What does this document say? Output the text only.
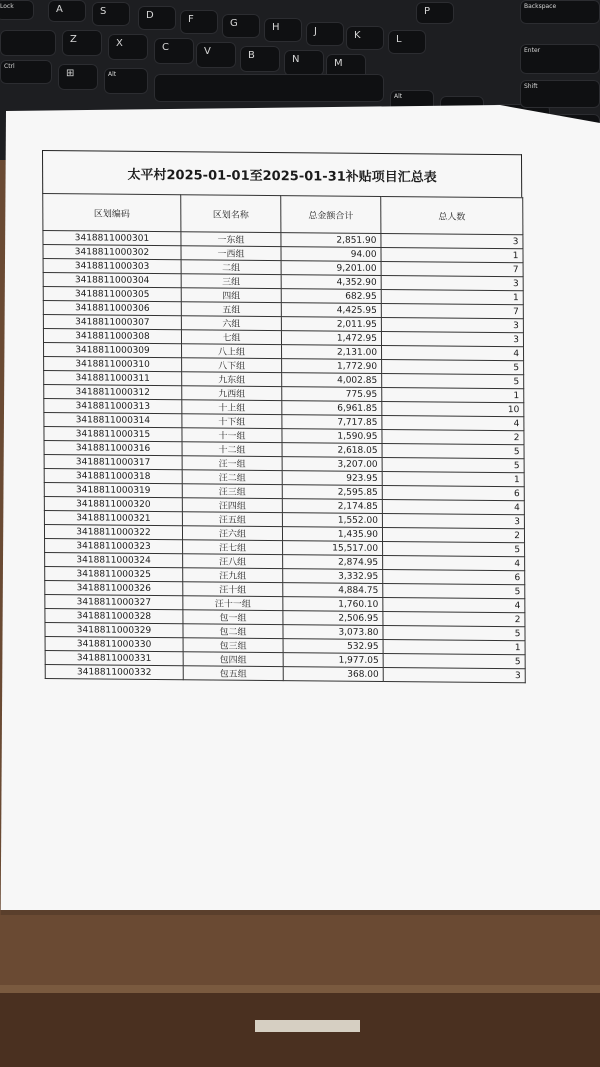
Lock	A	S	D	F	G	H	J	K	L
P
Z	X	C	V	B	N	M
Ctrl
⊞	Alt
Alt
Enter
Backspace
Shift
太平村2025-01-01至2025-01-31补贴项目汇总表
区划编码	区划名称	总金额合计	总人数
3418811000301	一东组	2,851.90	3
3418811000302	一西组	94.00	1
3418811000303	二组	9,201.00	7
3418811000304	三组	4,352.90	3
3418811000305	四组	682.95	1
3418811000306	五组	4,425.95	7
3418811000307	六组	2,011.95	3
3418811000308	七组	1,472.95	3
3418811000309	八上组	2,131.00	4
3418811000310	八下组	1,772.90	5
3418811000311	九东组	4,002.85	5
3418811000312	九西组	775.95	1
3418811000313	十上组	6,961.85	10
3418811000314	十下组	7,717.85	4
3418811000315	十一组	1,590.95	2
3418811000316	十二组	2,618.05	5
3418811000317	汪一组	3,207.00	5
3418811000318	汪二组	923.95	1
3418811000319	汪三组	2,595.85	6
3418811000320	汪四组	2,174.85	4
3418811000321	汪五组	1,552.00	3
3418811000322	汪六组	1,435.90	2
3418811000323	汪七组	15,517.00	5
3418811000324	汪八组	2,874.95	4
3418811000325	汪九组	3,332.95	6
3418811000326	汪十组	4,884.75	5
3418811000327	汪十一组	1,760.10	4
3418811000328	包一组	2,506.95	2
3418811000329	包二组	3,073.80	5
3418811000330	包三组	532.95	1
3418811000331	包四组	1,977.05	5
3418811000332	包五组	368.00	3
